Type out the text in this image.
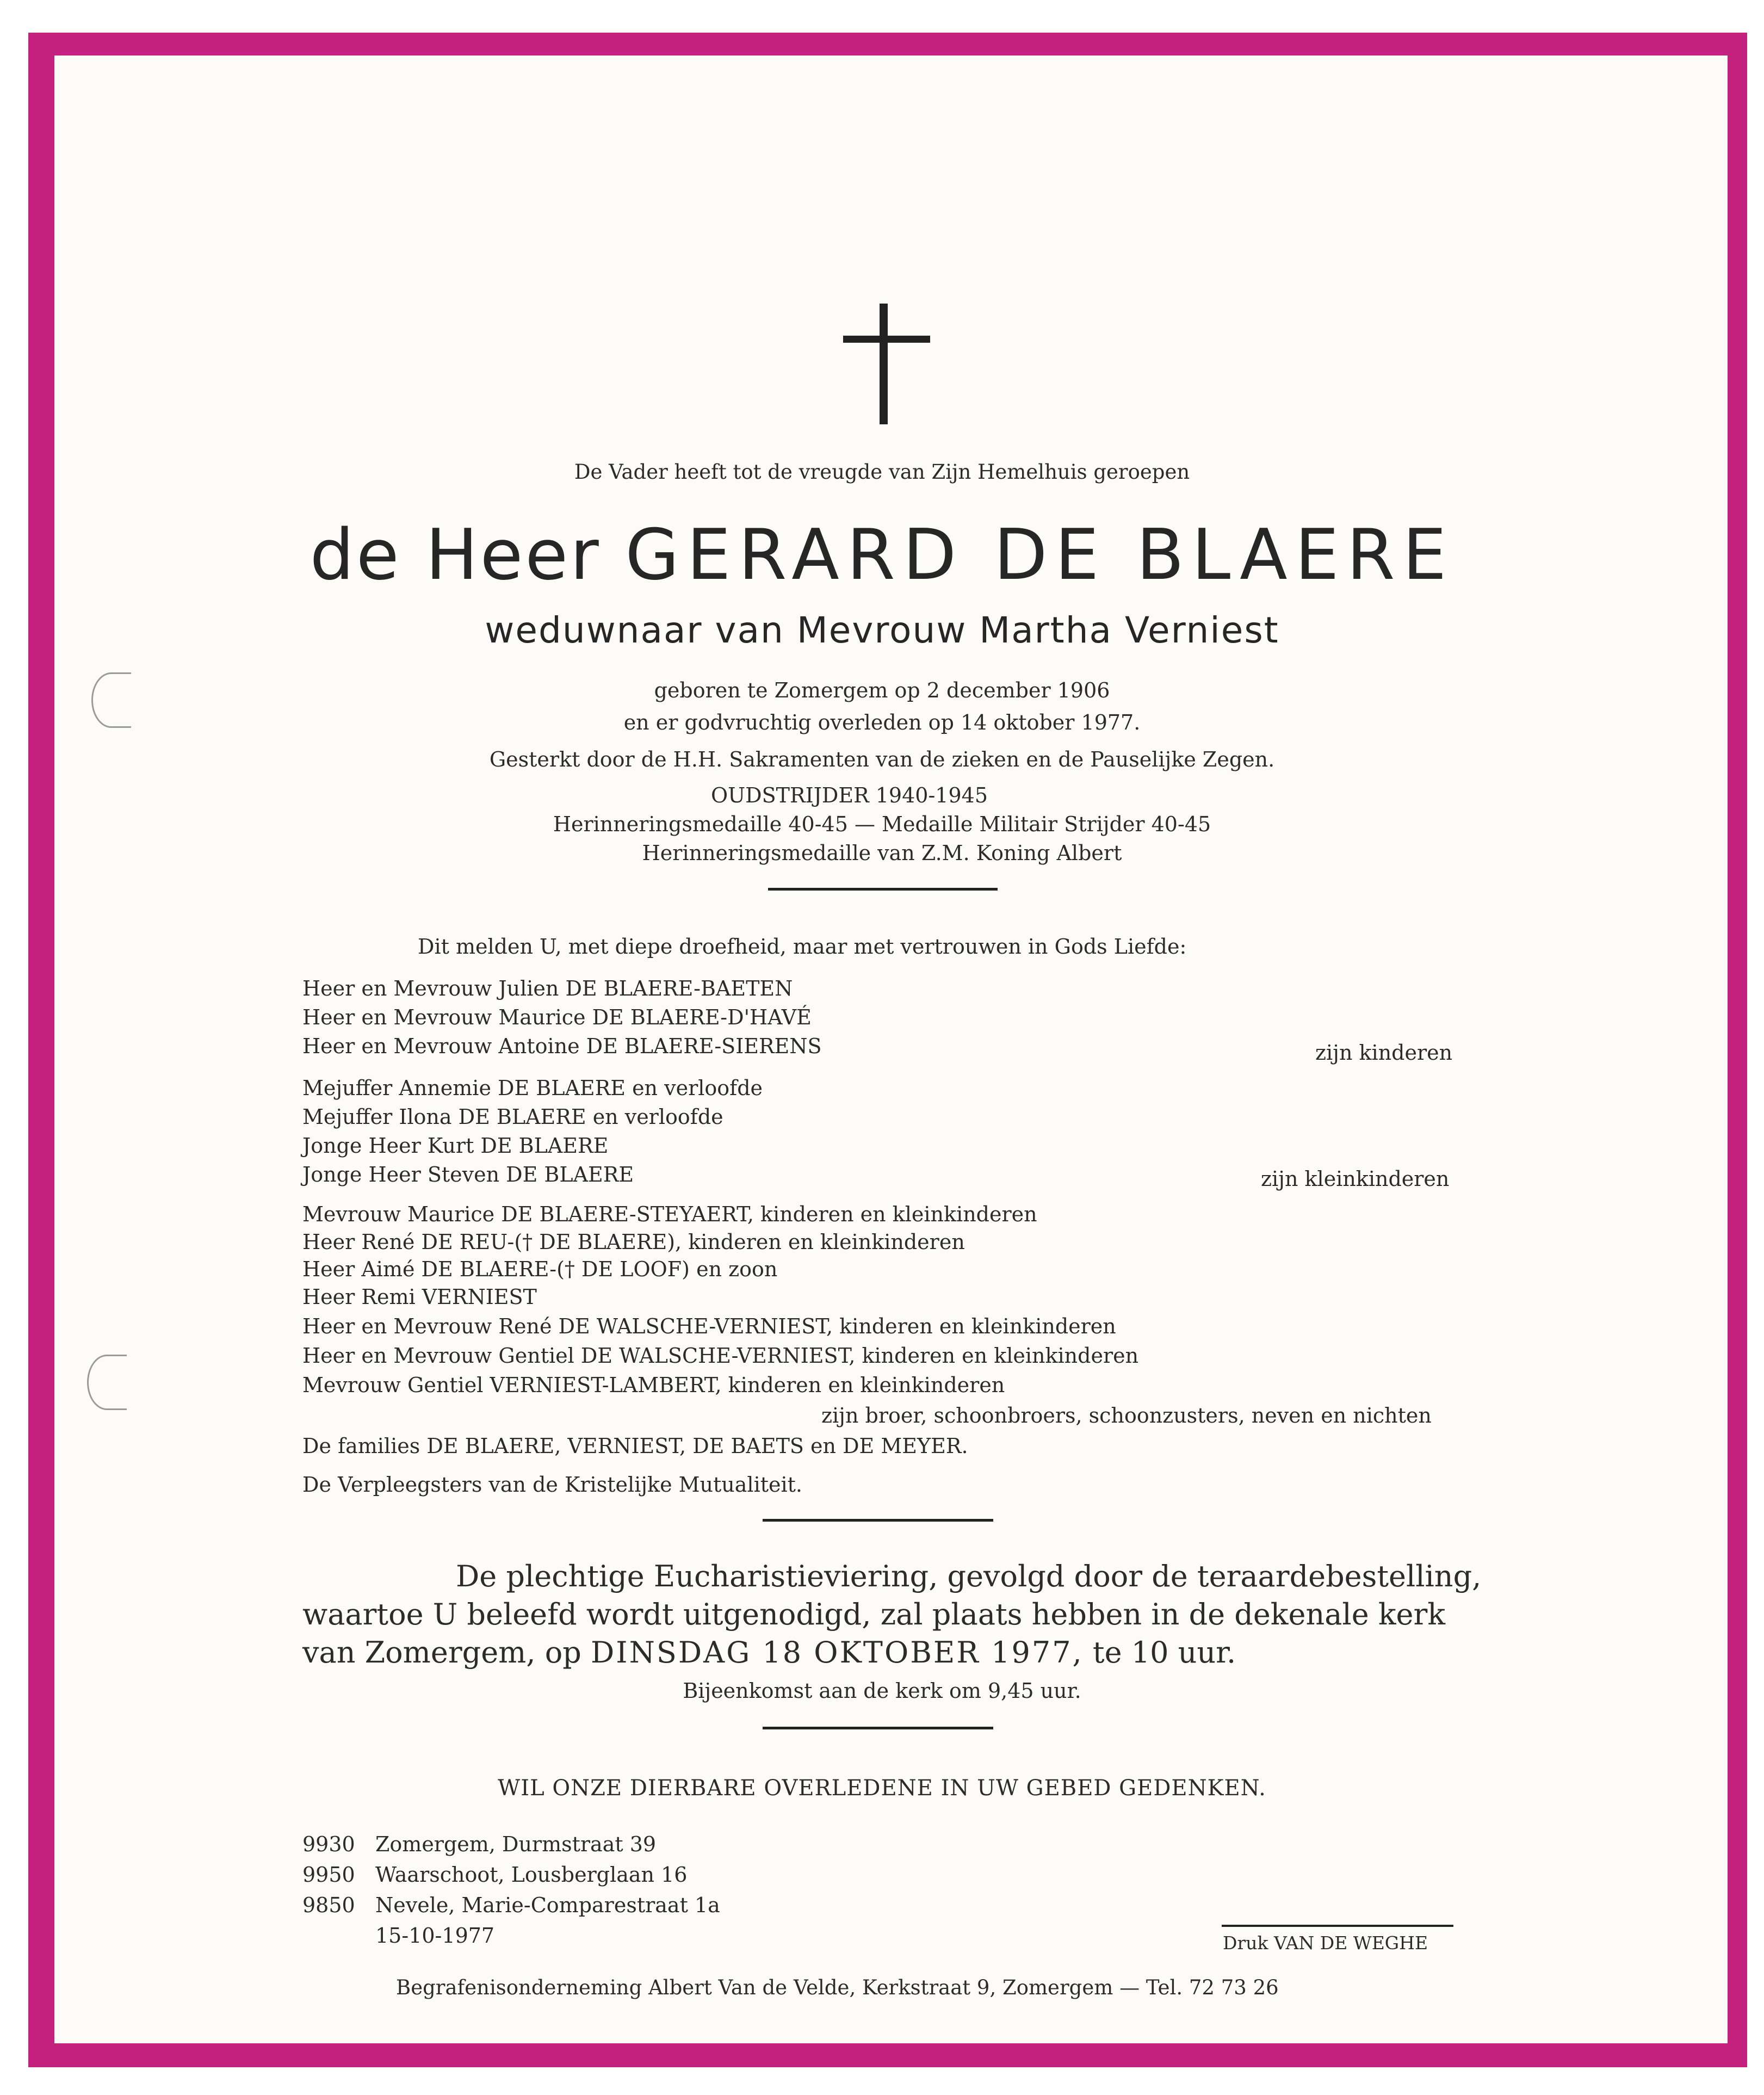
De Vader heeft tot de vreugde van Zijn Hemelhuis geroepen
de Heer GERARD DE BLAERE
weduwnaar van Mevrouw Martha Verniest
geboren te Zomergem op 2 december 1906
en er godvruchtig overleden op 14 oktober 1977.
Gesterkt door de H.H. Sakramenten van de zieken en de Pauselijke Zegen.
OUDSTRIJDER 1940-1945
Herinneringsmedaille 40-45 — Medaille Militair Strijder 40-45
Herinneringsmedaille van Z.M. Koning Albert
Dit melden U, met diepe droefheid, maar met vertrouwen in Gods Liefde:
Heer en Mevrouw Julien DE BLAERE-BAETEN
Heer en Mevrouw Maurice DE BLAERE-D'HAVÉ
Heer en Mevrouw Antoine DE BLAERE-SIERENS	zijn kinderen
Mejuffer Annemie DE BLAERE en verloofde
Mejuffer Ilona DE BLAERE en verloofde
Jonge Heer Kurt DE BLAERE
Jonge Heer Steven DE BLAERE	zijn kleinkinderen
Mevrouw Maurice DE BLAERE-STEYAERT, kinderen en kleinkinderen
Heer René DE REU-(† DE BLAERE), kinderen en kleinkinderen
Heer Aimé DE BLAERE-(† DE LOOF) en zoon
Heer Remi VERNIEST
Heer en Mevrouw René DE WALSCHE-VERNIEST, kinderen en kleinkinderen
Heer en Mevrouw Gentiel DE WALSCHE-VERNIEST, kinderen en kleinkinderen
Mevrouw Gentiel VERNIEST-LAMBERT, kinderen en kleinkinderen
zijn broer, schoonbroers, schoonzusters, neven en nichten
De families DE BLAERE, VERNIEST, DE BAETS en DE MEYER.
De Verpleegsters van de Kristelijke Mutualiteit.
De plechtige Eucharistieviering, gevolgd door de teraardebestelling,
waartoe U beleefd wordt uitgenodigd, zal plaats hebben in de dekenale kerk
van Zomergem, op DINSDAG 18 OKTOBER 1977, te 10 uur.
Bijeenkomst aan de kerk om 9,45 uur.
WIL ONZE DIERBARE OVERLEDENE IN UW GEBED GEDENKEN.
9930 Zomergem, Durmstraat 39
9950 Waarschoot, Lousberglaan 16
9850 Nevele, Marie-Comparestraat 1a
15-10-1977	Druk VAN DE WEGHE
Begrafenisonderneming Albert Van de Velde, Kerkstraat 9, Zomergem — Tel. 72 73 26
